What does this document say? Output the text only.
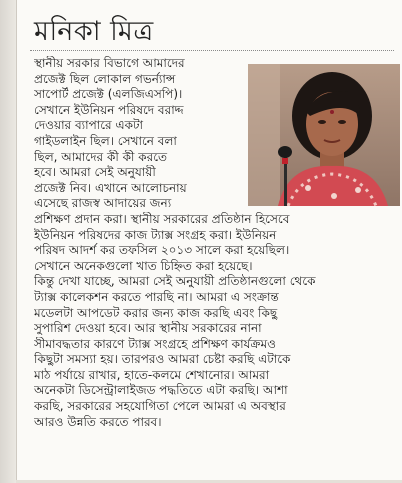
মনিকা মিত্র
স্থানীয় সরকার বিভাগে আমাদের
প্রজেক্ট ছিল লোকাল গভর্ন্যান্স
সাপোর্ট প্রজেক্ট (এলজিএসপি)।
সেখানে ইউনিয়ন পরিষদে বরাদ্দ
দেওয়ার ব্যাপারে একটা
গাইডলাইন ছিল। সেখানে বলা
ছিল, আমাদের কী কী করতে
হবে। আমরা সেই অনুযায়ী
প্রজেক্ট নিব। এখানে আলোচনায়
এসেছে রাজস্ব আদায়ের জন্য
প্রশিক্ষণ প্রদান করা। স্থানীয় সরকারের প্রতিষ্ঠান হিসেবে
ইউনিয়ন পরিষদের কাজ ট্যাক্স সংগ্রহ করা। ইউনিয়ন
পরিষদ আদর্শ কর তফসিল ২০১৩ সালে করা হয়েছিল।
সেখানে অনেকগুলো খাত চিহ্নিত করা হয়েছে।
কিন্তু দেখা যাচ্ছে, আমরা সেই অনুযায়ী প্রতিষ্ঠানগুলো থেকে
ট্যাক্স কালেকশন করতে পারছি না। আমরা এ সংক্রান্ত
মডেলটা আপডেট করার জন্য কাজ করছি এবং কিছু
সুপারিশ দেওয়া হবে। আর স্থানীয় সরকারের নানা
সীমাবদ্ধতার কারণে ট্যাক্স সংগ্রহে প্রশিক্ষণ কার্যক্রমও
কিছুটা সমস্যা হয়। তারপরও আমরা চেষ্টা করছি এটাকে
মাঠ পর্যায়ে রাখার, হাতে-কলমে শেখানোর। আমরা
অনেকটা ডিসেন্ট্রালাইজড পদ্ধতিতে এটা করছি। আশা
করছি, সরকারের সহযোগিতা পেলে আমরা এ অবস্থার
আরও উন্নতি করতে পারব।
